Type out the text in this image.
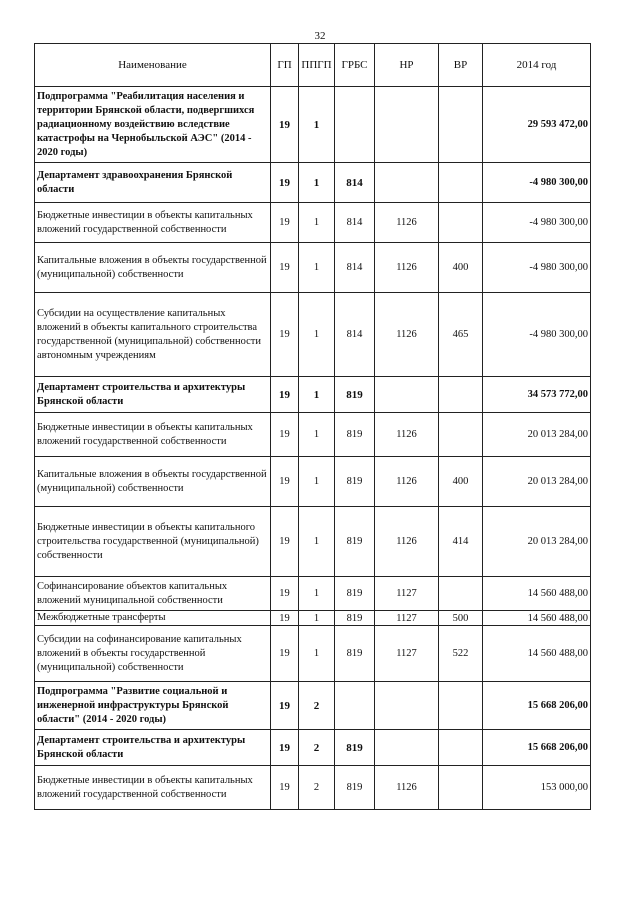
32
Наименование	ГП	ППГП	ГРБС	НР	ВР	2014 год
Подпрограмма "Реабилитация населения и территории Брянской области, подвергшихся радиационному воздействию вследствие катастрофы на Чернобыльской АЭС" (2014 - 2020 годы)	19	1				29 593 472,00
Департамент здравоохранения Брянской области	19	1	814			-4 980 300,00
Бюджетные инвестиции в объекты капитальных вложений государственной собственности	19	1	814	1126		-4 980 300,00
Капитальные вложения в объекты государственной (муниципальной) собственности	19	1	814	1126	400	-4 980 300,00
Субсидии на осуществление капитальных вложений в объекты капитального строительства государственной (муниципальной) собственности автономным учреждениям	19	1	814	1126	465	-4 980 300,00
Департамент строительства и архитектуры Брянской области	19	1	819			34 573 772,00
Бюджетные инвестиции в объекты капитальных вложений государственной собственности	19	1	819	1126		20 013 284,00
Капитальные вложения в объекты государственной (муниципальной) собственности	19	1	819	1126	400	20 013 284,00
Бюджетные инвестиции в объекты капитального строительства государственной (муниципальной) собственности	19	1	819	1126	414	20 013 284,00
Софинансирование объектов капитальных вложений муниципальной собственности	19	1	819	1127		14 560 488,00
Межбюджетные трансферты	19	1	819	1127	500	14 560 488,00
Субсидии на софинансирование капитальных вложений в объекты государственной (муниципальной) собственности	19	1	819	1127	522	14 560 488,00
Подпрограмма "Развитие социальной и инженерной инфраструктуры Брянской области" (2014 - 2020 годы)	19	2				15 668 206,00
Департамент строительства и архитектуры Брянской области	19	2	819			15 668 206,00
Бюджетные инвестиции в объекты капитальных вложений государственной собственности	19	2	819	1126		153 000,00
